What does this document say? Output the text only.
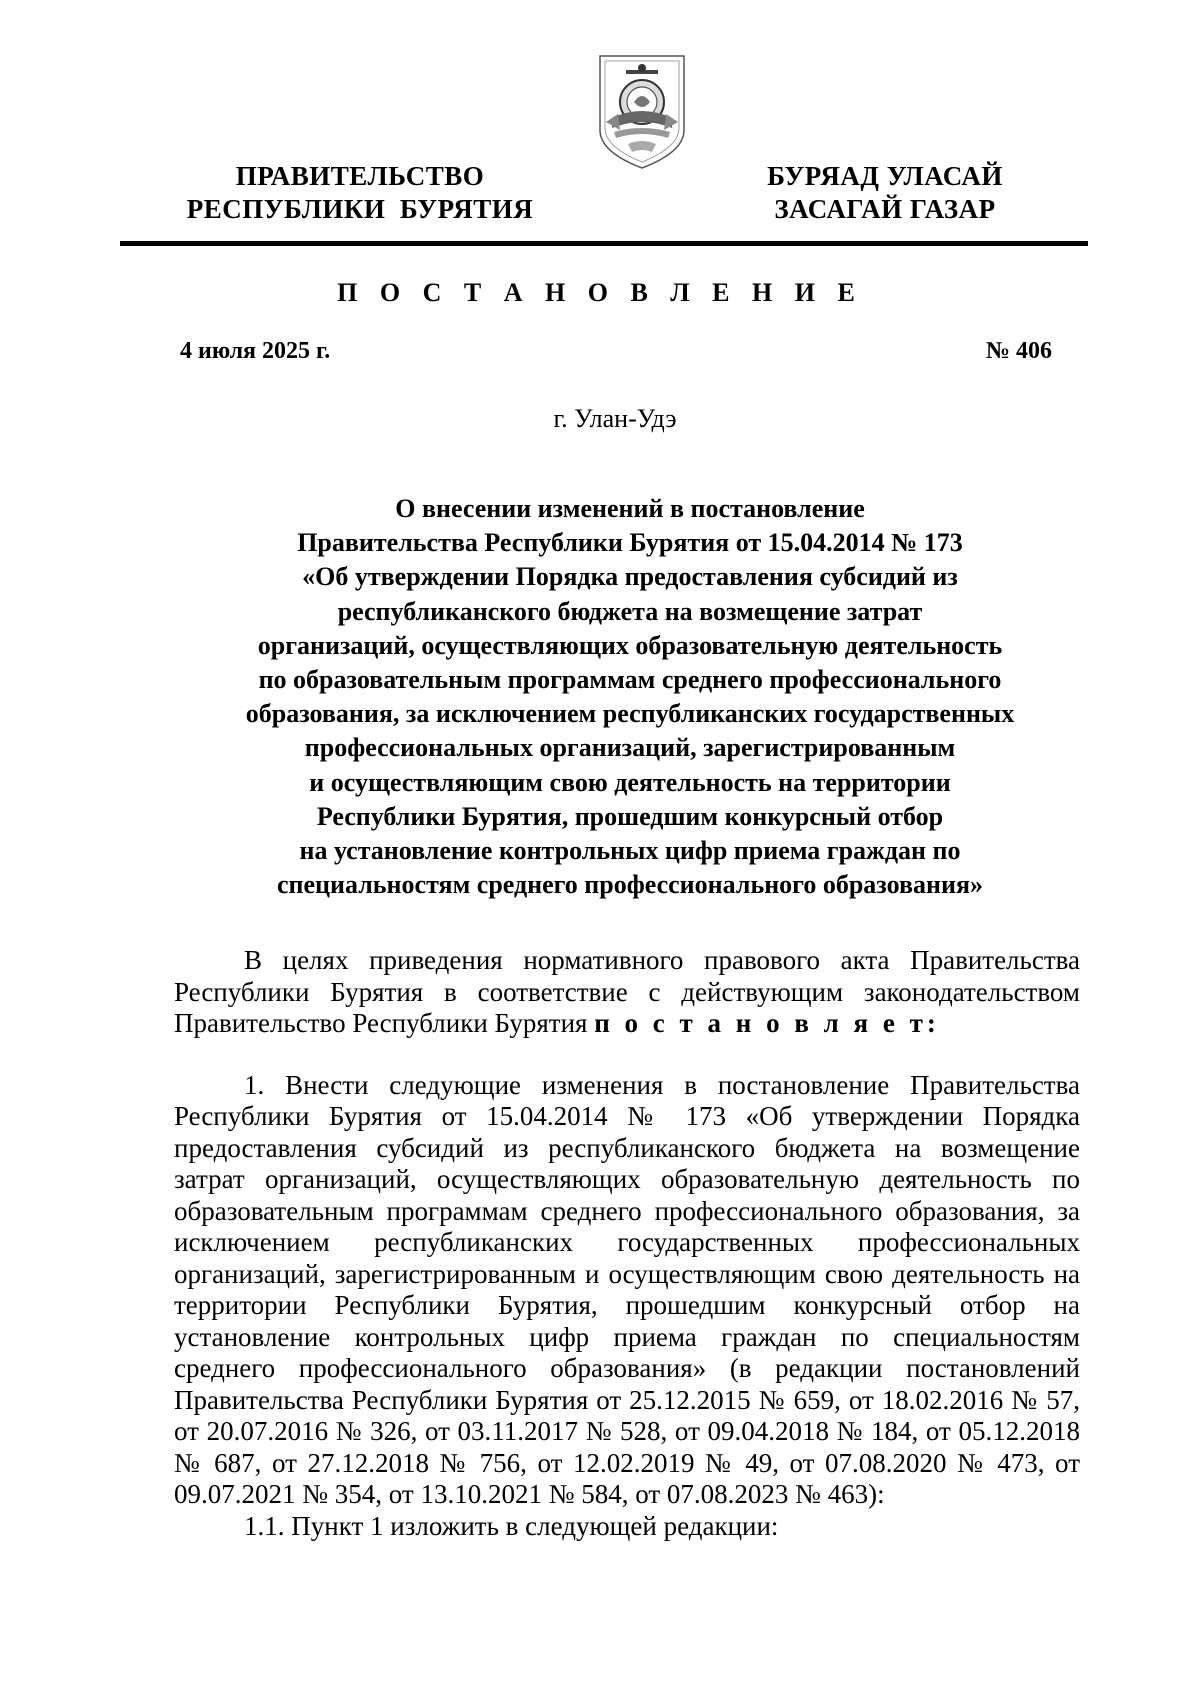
ПРАВИТЕЛЬСТВО
РЕСПУБЛИКИ  БУРЯТИЯ
БУРЯАД УЛАСАЙ
ЗАСАГАЙ ГАЗАР
П О С Т А Н О В Л Е Н И Е
4 июля 2025 г.	№ 406
г. Улан-Удэ
О внесении изменений в постановление
Правительства Республики Бурятия от 15.04.2014 № 173
«Об утверждении Порядка предоставления субсидий из
республиканского бюджета на возмещение затрат
организаций, осуществляющих образовательную деятельность
по образовательным программам среднего профессионального
образования, за исключением республиканских государственных
профессиональных организаций, зарегистрированным
и осуществляющим свою деятельность на территории
Республики Бурятия, прошедшим конкурсный отбор
на установление контрольных цифр приема граждан по
специальностям среднего профессионального образования»

В целях приведения нормативного правового акта Правительства Республики Бурятия в соответствие с действующим законодательством Правительство Республики Бурятия п о с т а н о в л я е т:

1. Внести следующие изменения в постановление Правительства Республики Бурятия от 15.04.2014 № 173 «Об утверждении Порядка предоставления субсидий из республиканского бюджета на возмещение затрат организаций, осуществляющих образовательную деятельность по образовательным программам среднего профессионального образования, за исключением республиканских государственных профессиональных организаций, зарегистрированным и осуществляющим свою деятельность на территории Республики Бурятия, прошедшим конкурсный отбор на установление контрольных цифр приема граждан по специальностям среднего профессионального образования» (в редакции постановлений Правительства Республики Бурятия от 25.12.2015 № 659, от 18.02.2016 № 57, от 20.07.2016 № 326, от 03.11.2017 № 528, от 09.04.2018 № 184, от 05.12.2018 № 687, от 27.12.2018 № 756, от 12.02.2019 № 49, от 07.08.2020 № 473, от 09.07.2021 № 354, от 13.10.2021 № 584, от 07.08.2023 № 463):

1.1. Пункт 1 изложить в следующей редакции:
